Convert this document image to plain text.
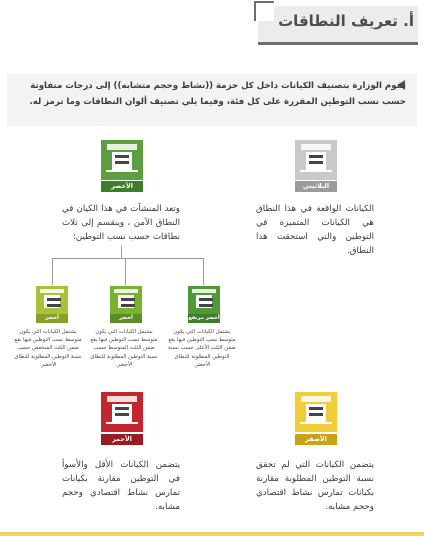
أ. تعريف النطاقات
تقوم الوزارة بتصنيف الكيانات داخل كل حزمة ((نشاط وحجم متشابه)) إلى درجات متفاوتة حسب نسب التوطين المقررة على كل فئة، وفيما يلي تصنيف ألوان النطاقات وما ترمز له.
البلاتيني
الكيانات الواقعة في هذا النطاق هي الكيانات المتميزة في التوطين والتي استحقت هذا النطاق.
الأخضر
وتعد المنشآت في هذا الكيان في النطاق الآمن ، وينقسم إلى ثلاث نطاقات حسب نسب التوطين:
أخضر مرتفع
يشتمل الكيانات التي يكون متوسط نسب التوطين فيها يقع ضمن الثلث الأعلى حسب نسبة التوطين المطلوبة للنطاق الأخضر.
أخضر متوسط
يشتمل الكيانات التي يكون متوسط نسب التوطين فيها يقع ضمن الثلث المتوسط حسب نسبة التوطين المطلوبة للنطاق الأخضر.
أخضر منخفض
يشتمل الكيانات التي يكون متوسط نسب التوطين فيها يقع ضمن الثلث المنخفض حسب نسبة التوطين المطلوبة للنطاق الأخضر.
الأصفر
يتضمن الكيانات التي لم تحقق نسبة التوطين المطلوبة مقارنة بكيانات تمارس نشاط اقتصادي وحجم مشابه.
الأحمر
يتضمن الكيانات الأقل والأسوأ في التوطين مقارنة بكيانات تمارس نشاط اقتصادي وحجم مشابه.
